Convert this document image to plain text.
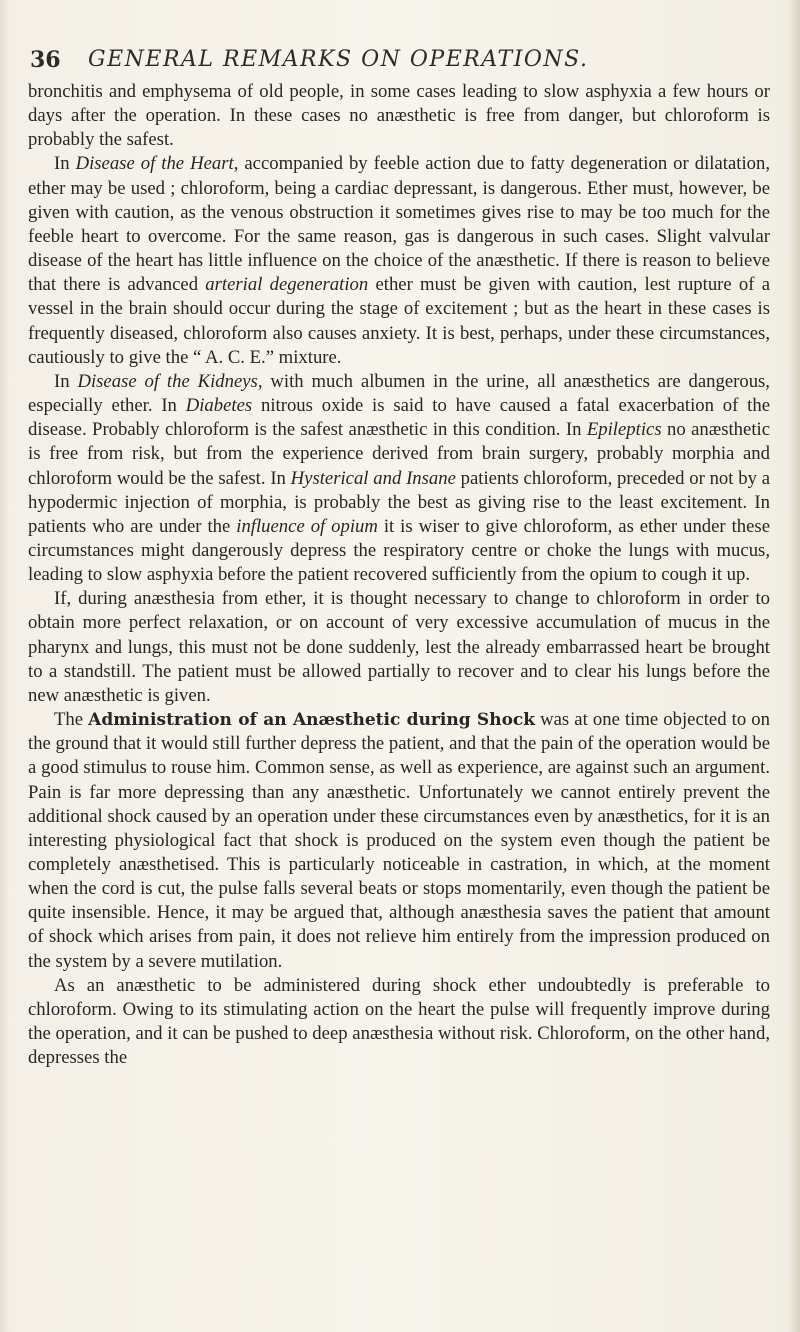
36 GENERAL REMARKS ON OPERATIONS.

bronchitis and emphysema of old people, in some cases leading to slow asphyxia a few hours or days after the operation. In these cases no anæsthetic is free from danger, but chloroform is probably the safest.

In Disease of the Heart, accompanied by feeble action due to fatty degeneration or dilatation, ether may be used ; chloroform, being a cardiac depressant, is dangerous. Ether must, however, be given with caution, as the venous obstruction it sometimes gives rise to may be too much for the feeble heart to overcome. For the same reason, gas is dangerous in such cases. Slight valvular disease of the heart has little influence on the choice of the anæsthetic. If there is reason to believe that there is advanced arterial degeneration ether must be given with caution, lest rupture of a vessel in the brain should occur during the stage of excitement ; but as the heart in these cases is frequently diseased, chloroform also causes anxiety. It is best, perhaps, under these circumstances, cautiously to give the “ A. C. E.” mixture.

In Disease of the Kidneys, with much albumen in the urine, all anæsthetics are dangerous, especially ether. In Diabetes nitrous oxide is said to have caused a fatal exacerbation of the disease. Probably chloroform is the safest anæsthetic in this condition. In Epileptics no anæsthetic is free from risk, but from the experience derived from brain surgery, probably morphia and chloroform would be the safest. In Hysterical and Insane patients chloroform, preceded or not by a hypodermic injection of morphia, is probably the best as giving rise to the least excitement. In patients who are under the influence of opium it is wiser to give chloroform, as ether under these circumstances might dangerously depress the respiratory centre or choke the lungs with mucus, leading to slow asphyxia before the patient recovered sufficiently from the opium to cough it up.

If, during anæsthesia from ether, it is thought necessary to change to chloroform in order to obtain more perfect relaxation, or on account of very excessive accumulation of mucus in the pharynx and lungs, this must not be done suddenly, lest the already embarrassed heart be brought to a standstill. The patient must be allowed partially to recover and to clear his lungs before the new anæsthetic is given.

The Administration of an Anæsthetic during Shock was at one time objected to on the ground that it would still further depress the patient, and that the pain of the operation would be a good stimulus to rouse him. Common sense, as well as experience, are against such an argument. Pain is far more depressing than any anæsthetic. Unfortunately we cannot entirely prevent the additional shock caused by an operation under these circumstances even by anæsthetics, for it is an interesting physiological fact that shock is produced on the system even though the patient be completely anæsthetised. This is particularly noticeable in castration, in which, at the moment when the cord is cut, the pulse falls several beats or stops momentarily, even though the patient be quite insensible. Hence, it may be argued that, although anæsthesia saves the patient that amount of shock which arises from pain, it does not relieve him entirely from the impression produced on the system by a severe mutilation.

As an anæsthetic to be administered during shock ether undoubtedly is preferable to chloroform. Owing to its stimulating action on the heart the pulse will frequently improve during the operation, and it can be pushed to deep anæsthesia without risk. Chloroform, on the other hand, depresses the
